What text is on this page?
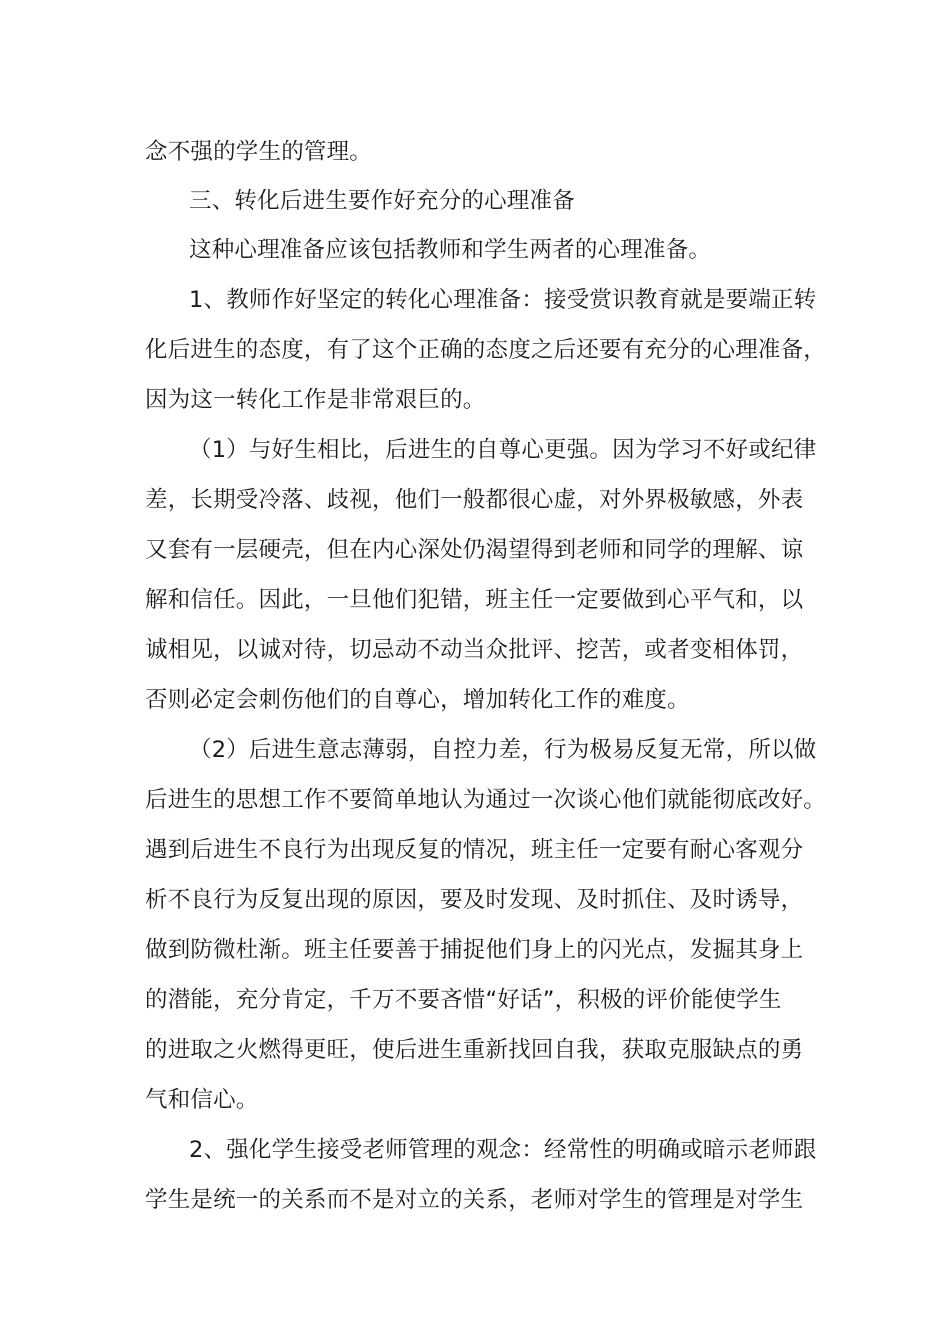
念不强的学生的管理。
三、转化后进生要作好充分的心理准备
这种心理准备应该包括教师和学生两者的心理准备。
1、教师作好坚定的转化心理准备：接受赏识教育就是要端正转
化后进生的态度，有了这个正确的态度之后还要有充分的心理准备，
因为这一转化工作是非常艰巨的。
（1）与好生相比，后进生的自尊心更强。因为学习不好或纪律
差，长期受冷落、歧视，他们一般都很心虚，对外界极敏感，外表
又套有一层硬壳，但在内心深处仍渴望得到老师和同学的理解、谅
解和信任。因此，一旦他们犯错，班主任一定要做到心平气和，以
诚相见，以诚对待，切忌动不动当众批评、挖苦，或者变相体罚，
否则必定会刺伤他们的自尊心，增加转化工作的难度。
（2）后进生意志薄弱，自控力差，行为极易反复无常，所以做
后进生的思想工作不要简单地认为通过一次谈心他们就能彻底改好。
遇到后进生不良行为出现反复的情况，班主任一定要有耐心客观分
析不良行为反复出现的原因，要及时发现、及时抓住、及时诱导，
做到防微杜渐。班主任要善于捕捉他们身上的闪光点，发掘其身上
的潜能，充分肯定，千万不要吝惜“好话”，积极的评价能使学生
的进取之火燃得更旺，使后进生重新找回自我，获取克服缺点的勇
气和信心。
2、强化学生接受老师管理的观念：经常性的明确或暗示老师跟
学生是统一的关系而不是对立的关系，老师对学生的管理是对学生
